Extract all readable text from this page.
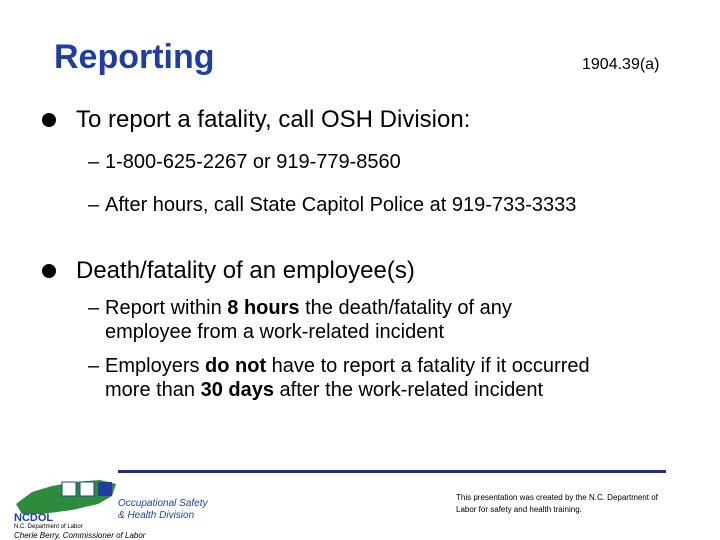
Reporting	1904.39(a)
To report a fatality, call OSH Division:
– 1-800-625-2267 or 919-779-8560
– After hours, call State Capitol Police at 919-733-3333
Death/fatality of an employee(s)
– Report within 8 hours the death/fatality of any
employee from a work-related incident
– Employers do not have to report a fatality if it occurred
more than 30 days after the work-related incident
NCDOL
N.C. Department of Labor
Occupational Safety
& Health Division
Cherie Berry, Commissioner of Labor
This presentation was created by the N.C. Department of Labor for safety and health training.
